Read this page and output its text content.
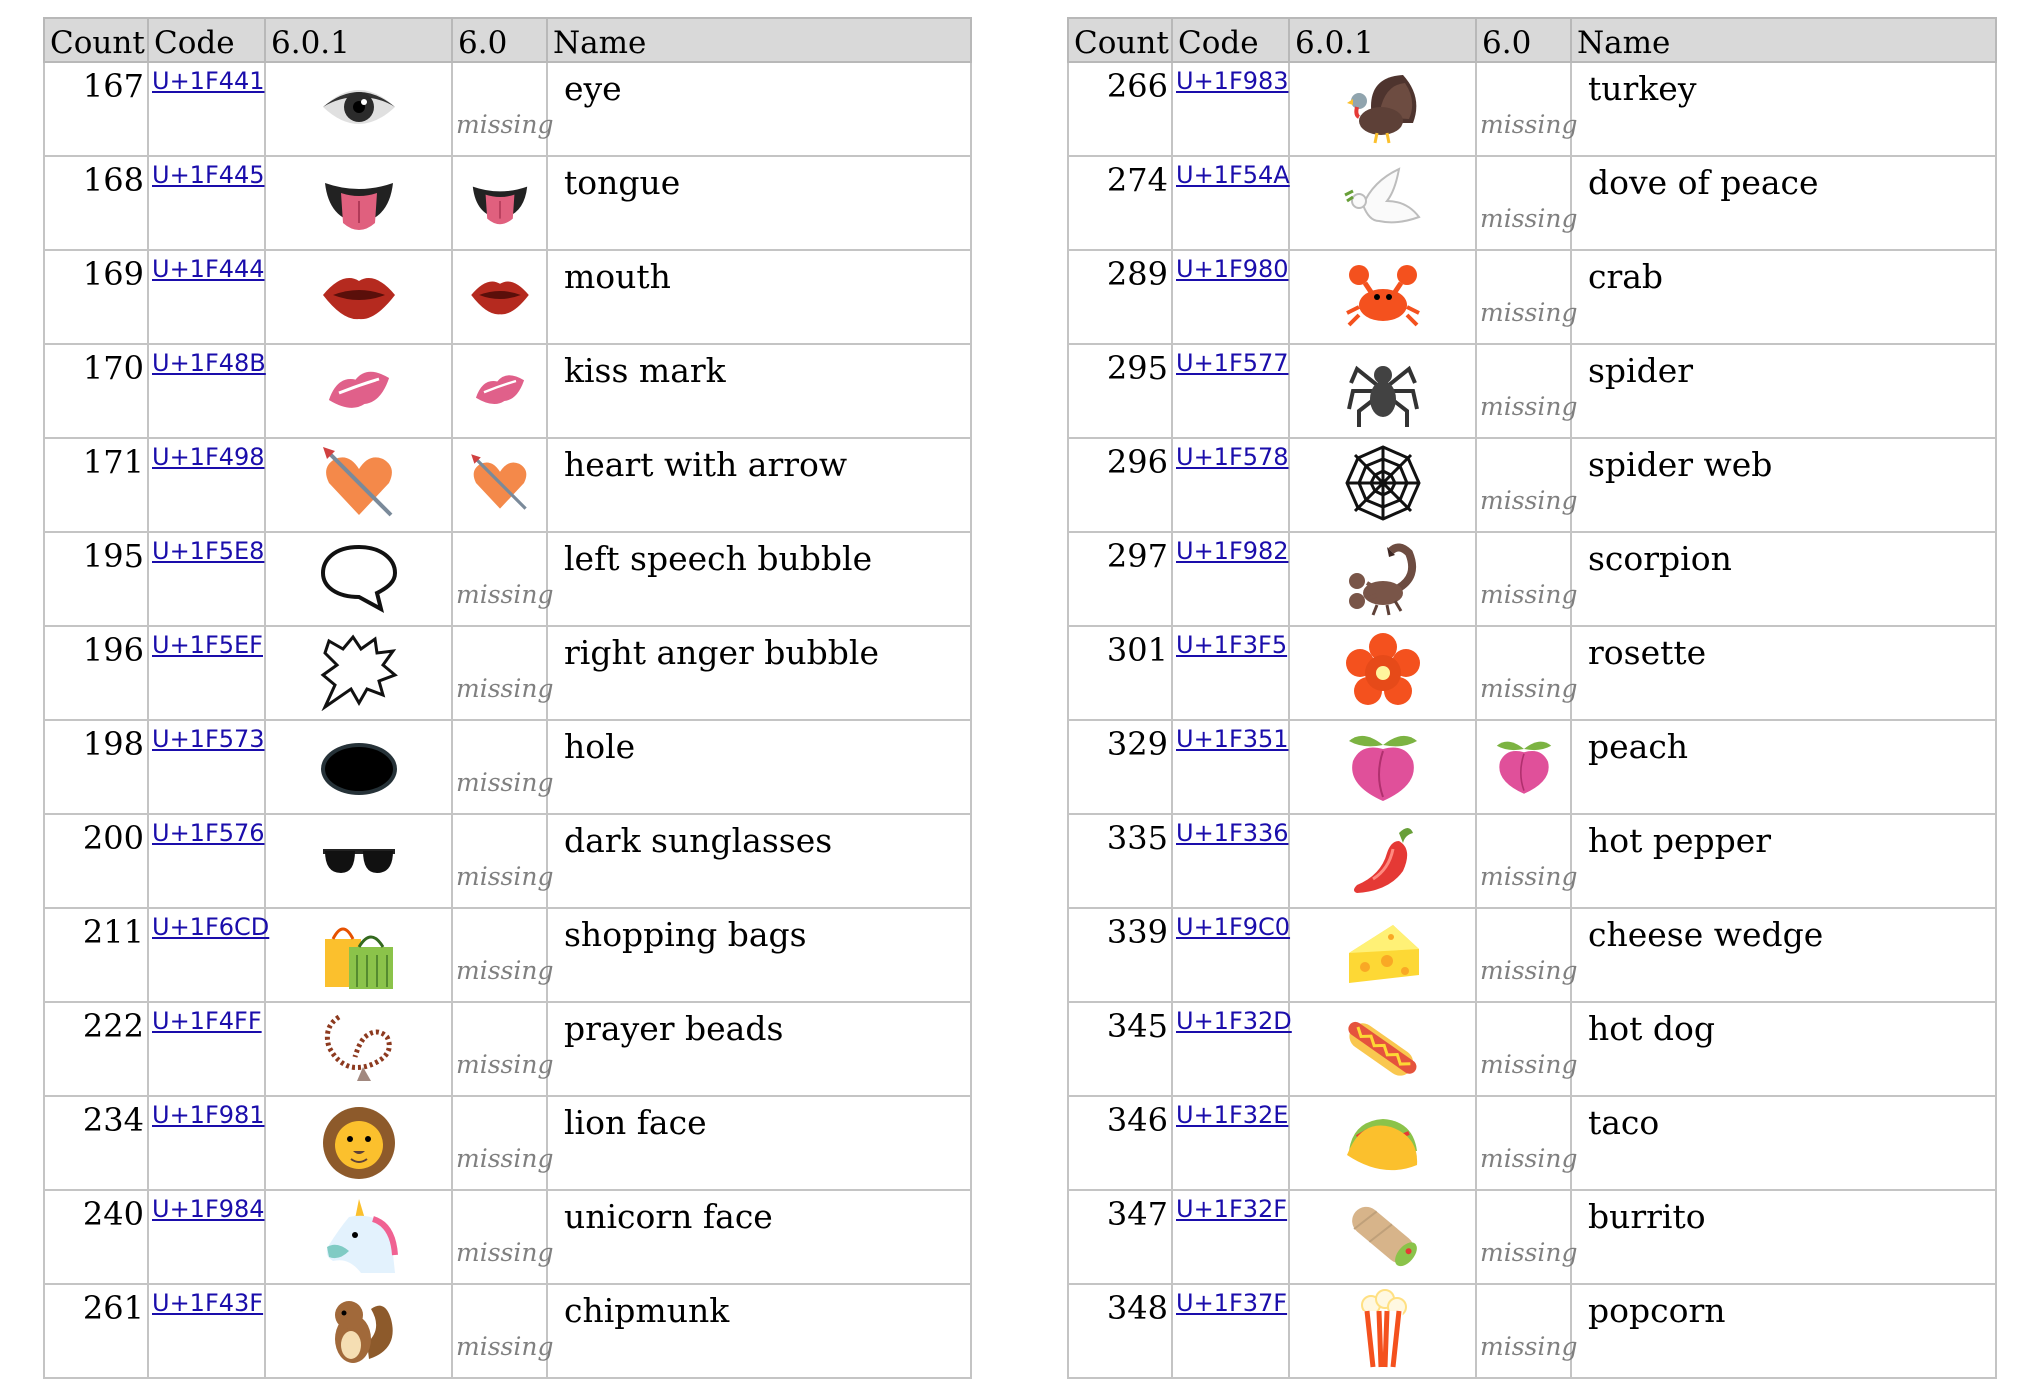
Count	Code	6.0.1	6.0	Name
167	U+1F441		missing	eye
168	U+1F445			tongue
169	U+1F444			mouth
170	U+1F48B			kiss mark
171	U+1F498			heart with arrow
195	U+1F5E8		missing	left speech bubble
196	U+1F5EF		missing	right anger bubble
198	U+1F573		missing	hole
200	U+1F576		missing	dark sunglasses
211	U+1F6CD		missing	shopping bags
222	U+1F4FF		missing	prayer beads
234	U+1F981		missing	lion face
240	U+1F984		missing	unicorn face
261	U+1F43F		missing	chipmunk
Count	Code	6.0.1	6.0	Name
266	U+1F983		missing	turkey
274	U+1F54A		missing	dove of peace
289	U+1F980		missing	crab
295	U+1F577		missing	spider
296	U+1F578		missing	spider web
297	U+1F982		missing	scorpion
301	U+1F3F5		missing	rosette
329	U+1F351			peach
335	U+1F336		missing	hot pepper
339	U+1F9C0		missing	cheese wedge
345	U+1F32D		missing	hot dog
346	U+1F32E		missing	taco
347	U+1F32F		missing	burrito
348	U+1F37F		missing	popcorn
